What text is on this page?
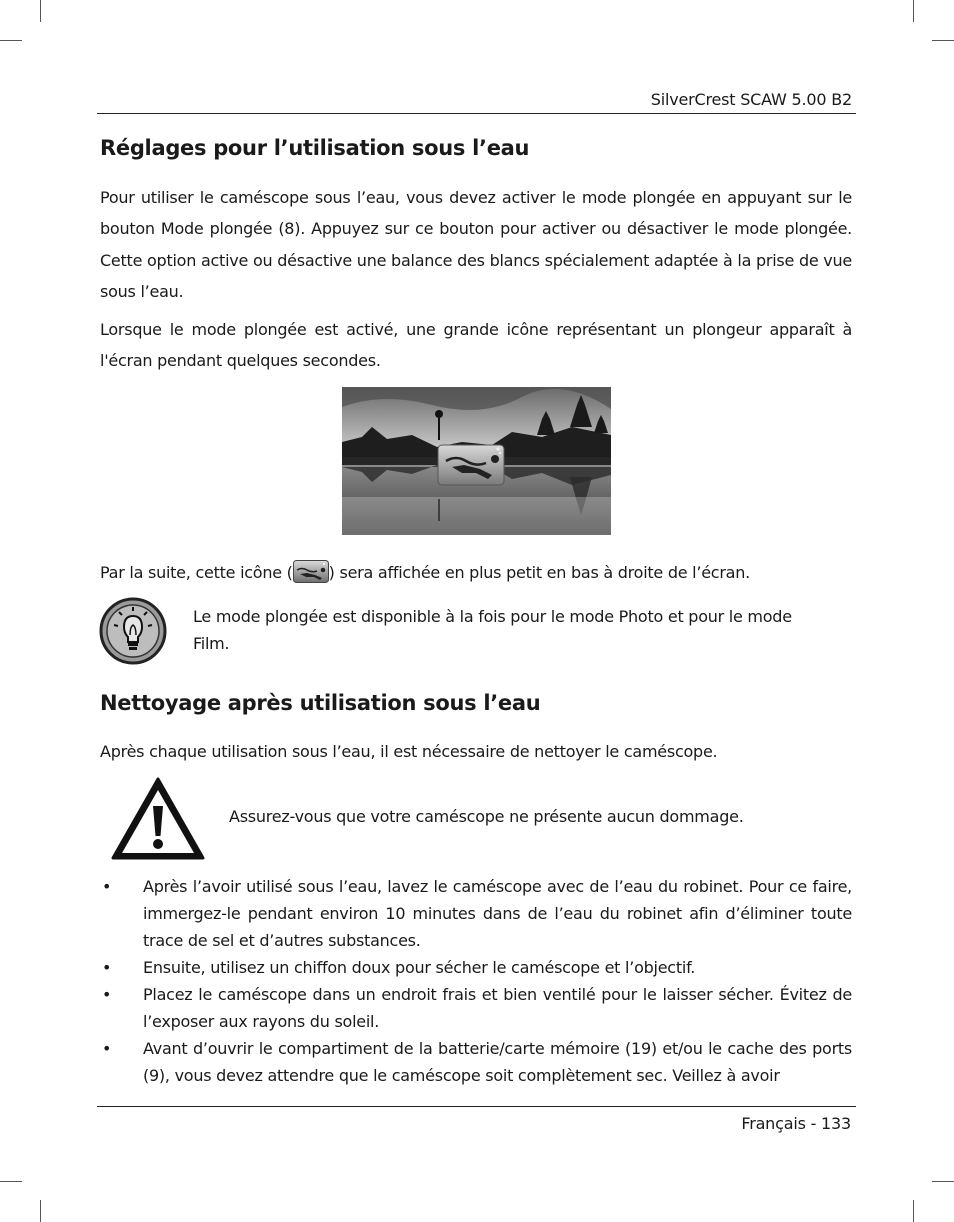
SilverCrest SCAW 5.00 B2
Réglages pour l’utilisation sous l’eau

Pour utiliser le caméscope sous l’eau, vous devez activer le mode plongée en appuyant sur le bouton Mode plongée (8). Appuyez sur ce bouton pour activer ou désactiver le mode plongée. Cette option active ou désactive une balance des blancs spécialement adaptée à la prise de vue sous l’eau.

Lorsque le mode plongée est activé, une grande icône représentant un plongeur apparaît à l'écran pendant quelques secondes.

Par la suite, cette icône ( ) sera affichée en plus petit en bas à droite de l’écran.
Le mode plongée est disponible à la fois pour le mode Photo et pour le mode Film.
Nettoyage après utilisation sous l’eau

Après chaque utilisation sous l’eau, il est nécessaire de nettoyer le caméscope.

Assurez-vous que votre caméscope ne présente aucun dommage.
• Après l’avoir utilisé sous l’eau, lavez le caméscope avec de l’eau du robinet. Pour ce faire, immergez-le pendant environ 10 minutes dans de l’eau du robinet afin d’éliminer toute trace de sel et d’autres substances.
• Ensuite, utilisez un chiffon doux pour sécher le caméscope et l’objectif.
• Placez le caméscope dans un endroit frais et bien ventilé pour le laisser sécher. Évitez de l’exposer aux rayons du soleil.
• Avant d’ouvrir le compartiment de la batterie/carte mémoire (19) et/ou le cache des ports (9), vous devez attendre que le caméscope soit complètement sec. Veillez à avoir
Français - 133
